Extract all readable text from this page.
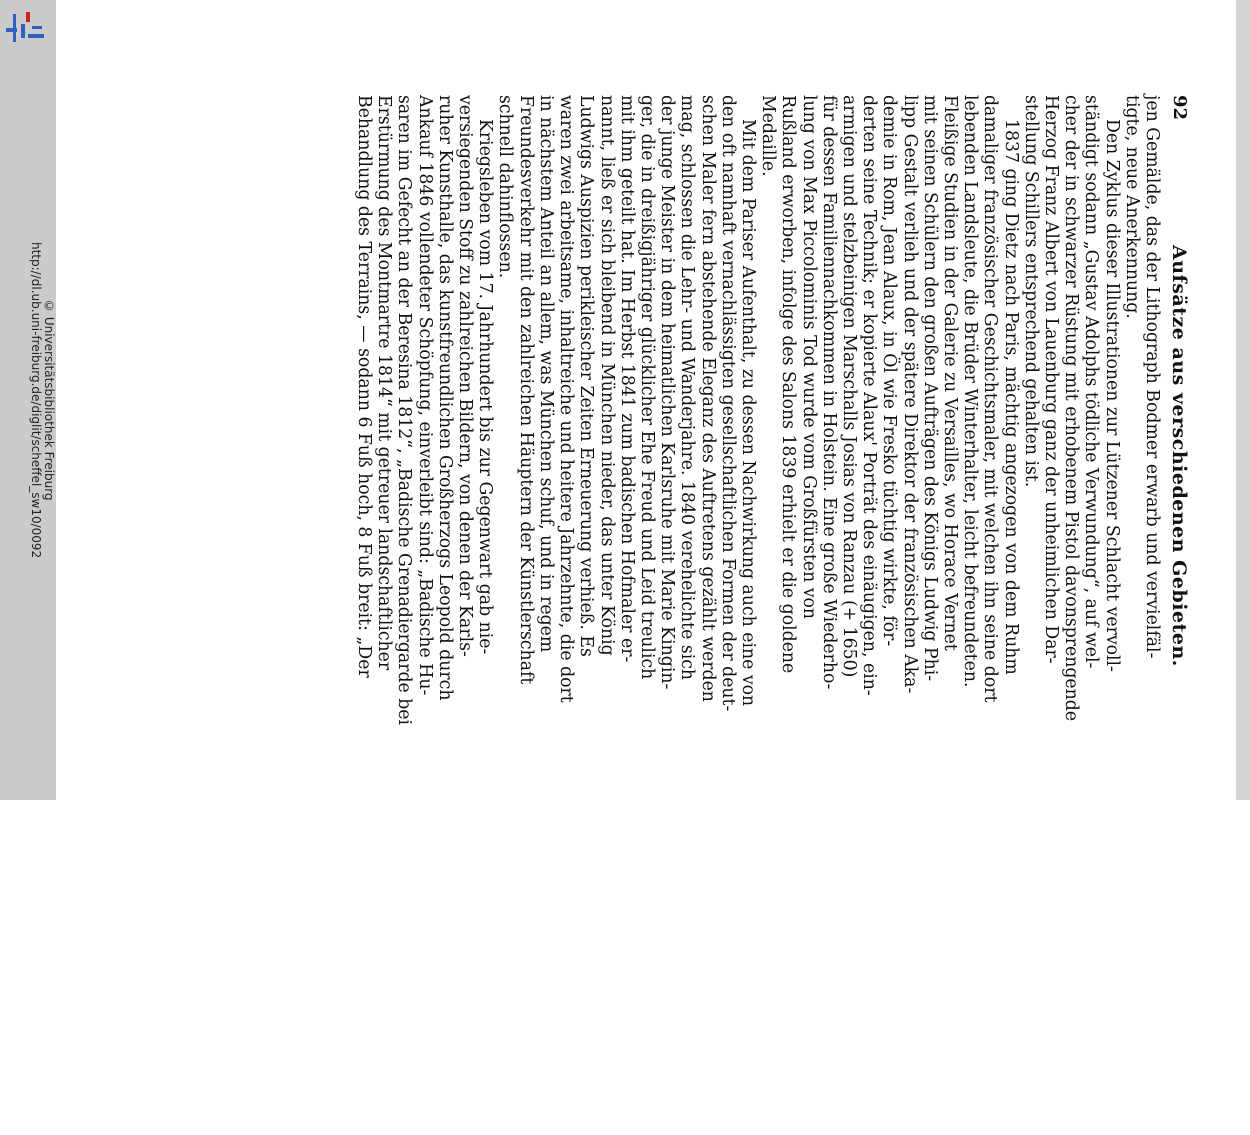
http://dl.ub.uni-freiburg.de/diglit/scheffel_sw10/0092 © Universitätsbibliothek Freiburg
92
Aufsätze aus verschiedenen Gebieten.
jen Gemälde, das der Lithograph Bodmer erwarb und vervielfäl-
tigte, neue Anerkennung.
Den Zyklus dieser Illustrationen zur Lützener Schlacht vervoll-
ständigt sodann „Gustav Adolphs tödliche Verwundung“, auf wel-
cher der in schwarzer Rüstung mit erhobenem Pistol davonsprengende
Herzog Franz Albert von Lauenburg ganz der unheimlichen Dar-
stellung Schillers entsprechend gehalten ist.
1837 ging Dietz nach Paris, mächtig angezogen von dem Ruhm
damaliger französischer Geschichtsmaler, mit welchen ihn seine dort
lebenden Landsleute, die Brüder Winterhalter, leicht befreundeten.
Fleißige Studien in der Galerie zu Versailles, wo Horace Vernet
mit seinen Schülern den großen Aufträgen des Königs Ludwig Phi-
lipp Gestalt verlieh und der spätere Direktor der französischen Aka-
demie in Rom, Jean Alaux, in Öl wie Fresko tüchtig wirkte, för-
derten seine Technik; er kopierte Alaux' Porträt des einäugigen, ein-
armigen und stelzbeinigen Marschalls Josias von Ranzau (+ 1650)
für dessen Familiennachkommen in Holstein. Eine große Wiederho-
lung von Max Piccolominis Tod wurde vom Großfürsten von
Rußland erworben, infolge des Salons 1839 erhielt er die goldene
Medaille.
Mit dem Pariser Aufenthalt, zu dessen Nachwirkung auch eine von
den oft namhaft vernachlässigten gesellschaftlichen Formen der deut-
schen Maler fern abstehende Eleganz des Auftretens gezählt werden
mag, schlossen die Lehr- und Wanderjahre. 1840 verehelichte sich
der junge Meister in dem heimatlichen Karlsruhe mit Marie Kingin-
ger, die in dreißigjähriger glücklicher Ehe Freud und Leid treulich
mit ihm geteilt hat. Im Herbst 1841 zum badischen Hofmaler er-
nannt, ließ er sich bleibend in München nieder, das unter König
Ludwigs Auspizien perikleischer Zeiten Erneuerung verhieß. Es
waren zwei arbeitsame, inhaltreiche und heitere Jahrzehnte, die dort
in nächstem Anteil an allem, was München schuf, und in regem
Freundesverkehr mit den zahlreichen Häuptern der Künstlerschaft
schnell dahinflossen.
Kriegsleben vom 17. Jahrhundert bis zur Gegenwart gab nie-
versiegenden Stoff zu zahlreichen Bildern, von denen der Karls-
ruher Kunsthalle, das kunstfreundlichen Großherzogs Leopold durch
Ankauf 1846 vollendeter Schöpfung, einverleibt sind: „Badische Hu-
saren im Gefecht an der Beresina 1812“, „Badische Grenadiergarde bei
Erstürmung des Montmartre 1814“ mit getreuer landschaftlicher
Behandlung des Terrains, — sodann 6 Fuß hoch, 8 Fuß breit: „Der
